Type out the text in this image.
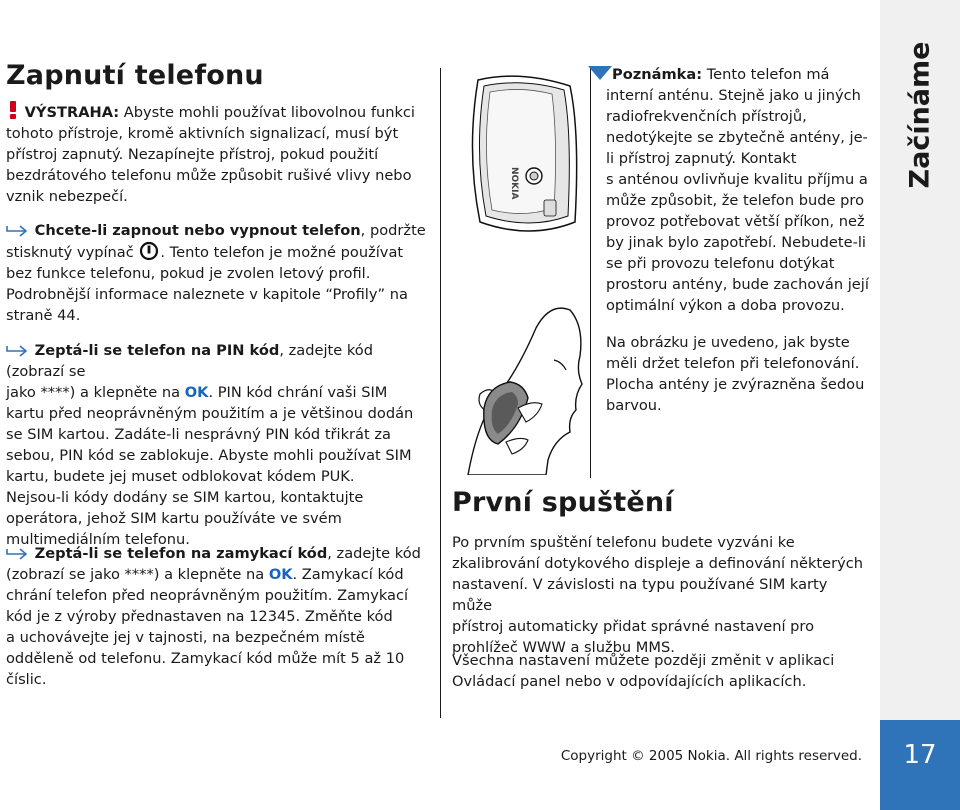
Začínáme
17
Zapnutí telefonu
VÝSTRAHA: Abyste mohli používat libovolnou funkci
tohoto přístroje, kromě aktivních signalizací, musí být
přístroj zapnutý. Nezapínejte přístroj, pokud použití
bezdrátového telefonu může způsobit rušivé vlivy nebo
vznik nebezpečí.
Chcete-li zapnout nebo vypnout telefon, podržte
stisknutý vypínač . Tento telefon je možné používat
bez funkce telefonu, pokud je zvolen letový profil.
Podrobnější informace naleznete v kapitole “Profily” na
straně 44.
Zeptá-li se telefon na PIN kód, zadejte kód (zobrazí se
jako ****) a klepněte na OK. PIN kód chrání vaši SIM
kartu před neoprávněným použitím a je většinou dodán
se SIM kartou. Zadáte-li nesprávný PIN kód třikrát za
sebou, PIN kód se zablokuje. Abyste mohli používat SIM
kartu, budete jej muset odblokovat kódem PUK.
Nejsou-li kódy dodány se SIM kartou, kontaktujte
operátora, jehož SIM kartu používáte ve svém
multimediálním telefonu.
Zeptá-li se telefon na zamykací kód, zadejte kód
(zobrazí se jako ****) a klepněte na OK. Zamykací kód
chrání telefon před neoprávněným použitím. Zamykací
kód je z výroby přednastaven na 12345. Změňte kód
a uchovávejte jej v tajnosti, na bezpečném místě
odděleně od telefonu. Zamykací kód může mít 5 až 10
číslic.
NOKIA
První spuštění
Poznámka: Tento telefon má
interní anténu. Stejně jako u jiných
radiofrekvenčních přístrojů,
nedotýkejte se zbytečně antény, je-
li přístroj zapnutý. Kontakt
s anténou ovlivňuje kvalitu příjmu a
může způsobit, že telefon bude pro
provoz potřebovat větší příkon, než
by jinak bylo zapotřebí. Nebudete-li
se při provozu telefonu dotýkat
prostoru antény, bude zachován její
optimální výkon a doba provozu.
Na obrázku je uvedeno, jak byste
měli držet telefon při telefonování.
Plocha antény je zvýrazněna šedou
barvou.
Po prvním spuštění telefonu budete vyzváni ke
zkalibrování dotykového displeje a definování některých
nastavení. V závislosti na typu používané SIM karty může
přístroj automaticky přidat správné nastavení pro
prohlížeč WWW a službu MMS.
Všechna nastavení můžete později změnit v aplikaci
Ovládací panel nebo v odpovídajících aplikacích.
Copyright © 2005 Nokia. All rights reserved.
